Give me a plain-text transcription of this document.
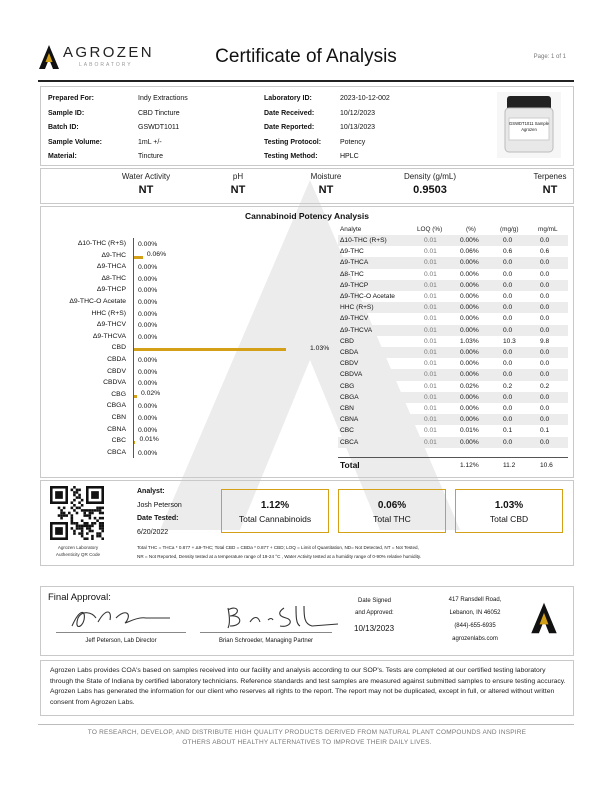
AGROZEN
LABORATORY	Certificate of Analysis	Page: 1 of 1
Prepared For:	Indy Extractions
Sample ID:	CBD Tincture
Batch ID:	GSWDT1011
Sample Volume:	1mL +/-
Material:	Tincture
Laboratory ID:	2023-10-12-002
Date Received:	10/12/2023
Date Reported:	10/13/2023
Testing Protocol:	Potency
Testing Method:	HPLC
GSWDT1011 Sample Agrozen
Water Activity
NT
pH
NT
Moisture
NT
Density (g/mL)
0.9503
Terpenes
NT
Cannabinoid Potency Analysis
Δ10-THC (R+S) 0.00%
Δ9-THC	0.06%
Δ9-THCA 0.00%
Δ8-THC 0.00%
Δ9-THCP 0.00%
Δ9-THC-O Acetate 0.00%
HHC (R+S) 0.00%
Δ9-THCV 0.00%
Δ9-THCVA 0.00%
CBD	1.03%
CBDA 0.00%
CBDV 0.00%
CBDVA 0.00%
CBG 0.02%
CBGA 0.00%
CBN 0.00%
CBNA 0.00%
CBC 0.01%
CBCA 0.00%
Analyte	LOQ (%)	(%)	(mg/g)	mg/mL
Δ10-THC (R+S)	0.01	0.00%	0.0	0.0
Δ9-THC	0.01	0.06%	0.6	0.6
Δ9-THCA	0.01	0.00%	0.0	0.0
Δ8-THC	0.01	0.00%	0.0	0.0
Δ9-THCP	0.01	0.00%	0.0	0.0
Δ9-THC-O Acetate	0.01	0.00%	0.0	0.0
HHC (R+S)	0.01	0.00%	0.0	0.0
Δ9-THCV	0.01	0.00%	0.0	0.0
Δ9-THCVA	0.01	0.00%	0.0	0.0
CBD	0.01	1.03%	10.3	9.8
CBDA	0.01	0.00%	0.0	0.0
CBDV	0.01	0.00%	0.0	0.0
CBDVA	0.01	0.00%	0.0	0.0
CBG	0.01	0.02%	0.2	0.2
CBGA	0.01	0.00%	0.0	0.0
CBN	0.01	0.00%	0.0	0.0
CBNA	0.01	0.00%	0.0	0.0
CBC	0.01	0.01%	0.1	0.1
CBCA	0.01	0.00%	0.0	0.0
Total	1.12%	11.2	10.6
Agrozen Laboratory
Authenticity QR Code
Analyst:
Josh Peterson
Date Tested:
6/20/2022
1.12%
Total Cannabinoids
0.06%
Total THC
1.03%
Total CBD
Total THC = THCa * 0.877 + Δ9-THC; Total CBD = CBDa * 0.877 + CBD; LOQ = Limit of Quantitation, ND= Not Detected, NT = Not Tested,
NR = Not Reported, Density tested at a temperature range of 19-24 °C , Water Activity tested at a humidity range of 0-90% relative humidity.
Final Approval:
Jeff Peterson, Lab Director	Brian Schroeder, Managing Partner
Date Signed
and Approved:
10/13/2023
417 Ransdell Road,
Lebanon, IN 46052
(844)-655-6935
agrozenlabs.com
Agrozen Labs provides COA's based on samples received into our facility and analysis according to our SOP's. Tests are completed at our certified testing laboratory through the State of Indiana by certified laboratory technicians. Reference standards and test samples are measured against submitted samples to ensure testing accuracy. Agrozen Labs has generated the information for our client who reserves all rights to the report. The report may not be duplicated, except in full, or altered without written consent from Agrozen Labs.
TO RESEARCH, DEVELOP, AND DISTRIBUTE HIGH QUALITY PRODUCTS DERIVED FROM NATURAL PLANT COMPOUNDS AND INSPIRE
OTHERS ABOUT HEALTHY ALTERNATIVES TO IMPROVE THEIR DAILY LIVES.
